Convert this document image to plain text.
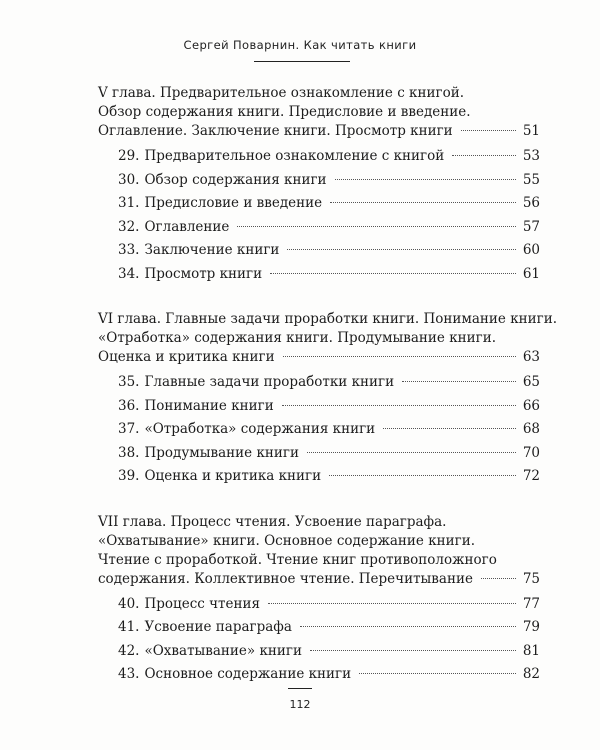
Сергей Поварнин. Как читать книги
V глава. Предварительное ознакомление с книгой.
Обзор содержания книги. Предисловие и введение.
Оглавление. Заключение книги. Просмотр книги	51
29. Предварительное ознакомление с книгой	53
30. Обзор содержания книги	55
31. Предисловие и введение	56
32. Оглавление	57
33. Заключение книги	60
34. Просмотр книги	61
VI глава. Главные задачи проработки книги. Понимание книги.
«Отработка» содержания книги. Продумывание книги.
Оценка и критика книги	63
35. Главные задачи проработки книги	65
36. Понимание книги	66
37. «Отработка» содержания книги	68
38. Продумывание книги	70
39. Оценка и критика книги	72
VII глава. Процесс чтения. Усвоение параграфа.
«Охватывание» книги. Основное содержание книги.
Чтение с проработкой. Чтение книг противоположного
содержания. Коллективное чтение. Перечитывание	75
40. Процесс чтения	77
41. Усвоение параграфа	79
42. «Охватывание» книги	81
43. Основное содержание книги	82
112
